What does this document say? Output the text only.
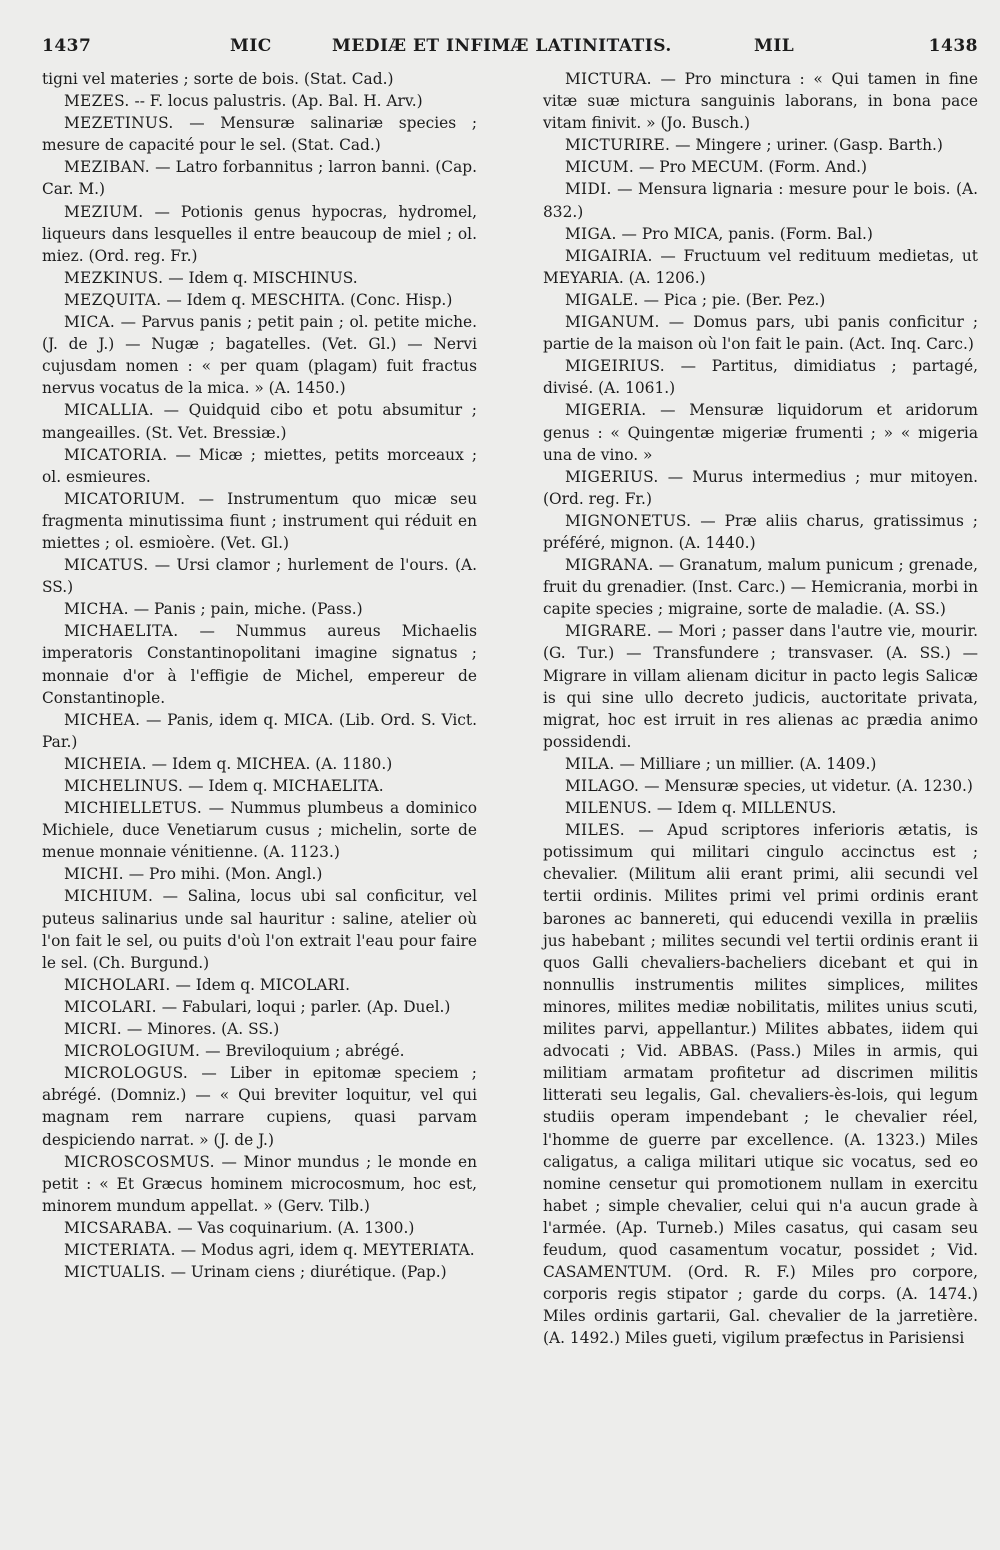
1437	MIC	MEDIÆ ET INFIMÆ LATINITATIS.	MIL	1438

tigni vel materies ; sorte de bois. (Stat. Cad.)

MEZES. -- F. locus palustris. (Ap. Bal. H. Arv.)

MEZETINUS. — Mensuræ salinariæ species ; mesure de capacité pour le sel. (Stat. Cad.)

MEZIBAN. — Latro forbannitus ; larron banni. (Cap. Car. M.)

MEZIUM. — Potionis genus hypocras, hydromel, liqueurs dans lesquelles il entre beaucoup de miel ; ol. miez. (Ord. reg. Fr.)

MEZKINUS. — Idem q. MISCHINUS.

MEZQUITA. — Idem q. MESCHITA. (Conc. Hisp.)

MICA. — Parvus panis ; petit pain ; ol. petite miche. (J. de J.) — Nugæ ; bagatelles. (Vet. Gl.) — Nervi cujusdam nomen : « per quam (plagam) fuit fractus nervus vocatus de la mica. » (A. 1450.)

MICALLIA. — Quidquid cibo et potu absumitur ; mangeailles. (St. Vet. Bressiæ.)

MICATORIA. — Micæ ; miettes, petits morceaux ; ol. esmieures.

MICATORIUM. — Instrumentum quo micæ seu fragmenta minutissima fiunt ; instrument qui réduit en miettes ; ol. esmioère. (Vet. Gl.)

MICATUS. — Ursi clamor ; hurlement de l'ours. (A. SS.)

MICHA. — Panis ; pain, miche. (Pass.)

MICHAELITA. — Nummus aureus Michaelis imperatoris Constantinopolitani imagine signatus ; monnaie d'or à l'effigie de Michel, empereur de Constantinople.

MICHEA. — Panis, idem q. MICA. (Lib. Ord. S. Vict. Par.)

MICHEIA. — Idem q. MICHEA. (A. 1180.)

MICHELINUS. — Idem q. MICHAELITA.

MICHIELLETUS. — Nummus plumbeus a dominico Michiele, duce Venetiarum cusus ; michelin, sorte de menue monnaie vénitienne. (A. 1123.)

MICHI. — Pro mihi. (Mon. Angl.)

MICHIUM. — Salina, locus ubi sal conficitur, vel puteus salinarius unde sal hauritur : saline, atelier où l'on fait le sel, ou puits d'où l'on extrait l'eau pour faire le sel. (Ch. Burgund.)

MICHOLARI. — Idem q. MICOLARI.

MICOLARI. — Fabulari, loqui ; parler. (Ap. Duel.)

MICRI. — Minores. (A. SS.)

MICROLOGIUM. — Breviloquium ; abrégé.

MICROLOGUS. — Liber in epitomæ speciem ; abrégé. (Domniz.) — « Qui breviter loquitur, vel qui magnam rem narrare cupiens, quasi parvam despiciendo narrat. » (J. de J.)

MICROSCOSMUS. — Minor mundus ; le monde en petit : « Et Græcus hominem microcosmum, hoc est, minorem mundum appellat. » (Gerv. Tilb.)

MICSARABA. — Vas coquinarium. (A. 1300.)

MICTERIATA. — Modus agri, idem q. MEYTERIATA.

MICTUALIS. — Urinam ciens ; diurétique. (Pap.)

MICTURA. — Pro minctura : « Qui tamen in fine vitæ suæ mictura sanguinis laborans, in bona pace vitam finivit. » (Jo. Busch.)

MICTURIRE. — Mingere ; uriner. (Gasp. Barth.)

MICUM. — Pro MECUM. (Form. And.)

MIDI. — Mensura lignaria : mesure pour le bois. (A. 832.)

MIGA. — Pro MICA, panis. (Form. Bal.)

MIGAIRIA. — Fructuum vel redituum medietas, ut MEYARIA. (A. 1206.)

MIGALE. — Pica ; pie. (Ber. Pez.)

MIGANUM. — Domus pars, ubi panis conficitur ; partie de la maison où l'on fait le pain. (Act. Inq. Carc.)

MIGEIRIUS. — Partitus, dimidiatus ; partagé, divisé. (A. 1061.)

MIGERIA. — Mensuræ liquidorum et aridorum genus : « Quingentæ migeriæ frumenti ; » « migeria una de vino. »

MIGERIUS. — Murus intermedius ; mur mitoyen. (Ord. reg. Fr.)

MIGNONETUS. — Præ aliis charus, gratissimus ; préféré, mignon. (A. 1440.)

MIGRANA. — Granatum, malum punicum ; grenade, fruit du grenadier. (Inst. Carc.) — Hemicrania, morbi in capite species ; migraine, sorte de maladie. (A. SS.)

MIGRARE. — Mori ; passer dans l'autre vie, mourir. (G. Tur.) — Transfundere ; transvaser. (A. SS.) — Migrare in villam alienam dicitur in pacto legis Salicæ is qui sine ullo decreto judicis, auctoritate privata, migrat, hoc est irruit in res alienas ac prædia animo possidendi.

MILA. — Milliare ; un millier. (A. 1409.)

MILAGO. — Mensuræ species, ut videtur. (A. 1230.)

MILENUS. — Idem q. MILLENUS.

MILES. — Apud scriptores inferioris ætatis, is potissimum qui militari cingulo accinctus est ; chevalier. (Militum alii erant primi, alii secundi vel tertii ordinis. Milites primi vel primi ordinis erant barones ac bannereti, qui educendi vexilla in præliis jus habebant ; milites secundi vel tertii ordinis erant ii quos Galli chevaliers-bacheliers dicebant et qui in nonnullis instrumentis milites simplices, milites minores, milites mediæ nobilitatis, milites unius scuti, milites parvi, appellantur.) Milites abbates, iidem qui advocati ; Vid. ABBAS. (Pass.) Miles in armis, qui militiam armatam profitetur ad discrimen militis litterati seu legalis, Gal. chevaliers-ès-lois, qui legum studiis operam impendebant ; le chevalier réel, l'homme de guerre par excellence. (A. 1323.) Miles caligatus, a caliga militari utique sic vocatus, sed eo nomine censetur qui promotionem nullam in exercitu habet ; simple chevalier, celui qui n'a aucun grade à l'armée. (Ap. Turneb.) Miles casatus, qui casam seu feudum, quod casamentum vocatur, possidet ; Vid. CASAMENTUM. (Ord. R. F.) Miles pro corpore, corporis regis stipator ; garde du corps. (A. 1474.) Miles ordinis gartarii, Gal. chevalier de la jarretière. (A. 1492.) Miles gueti, vigilum præfectus in Parisiensi
